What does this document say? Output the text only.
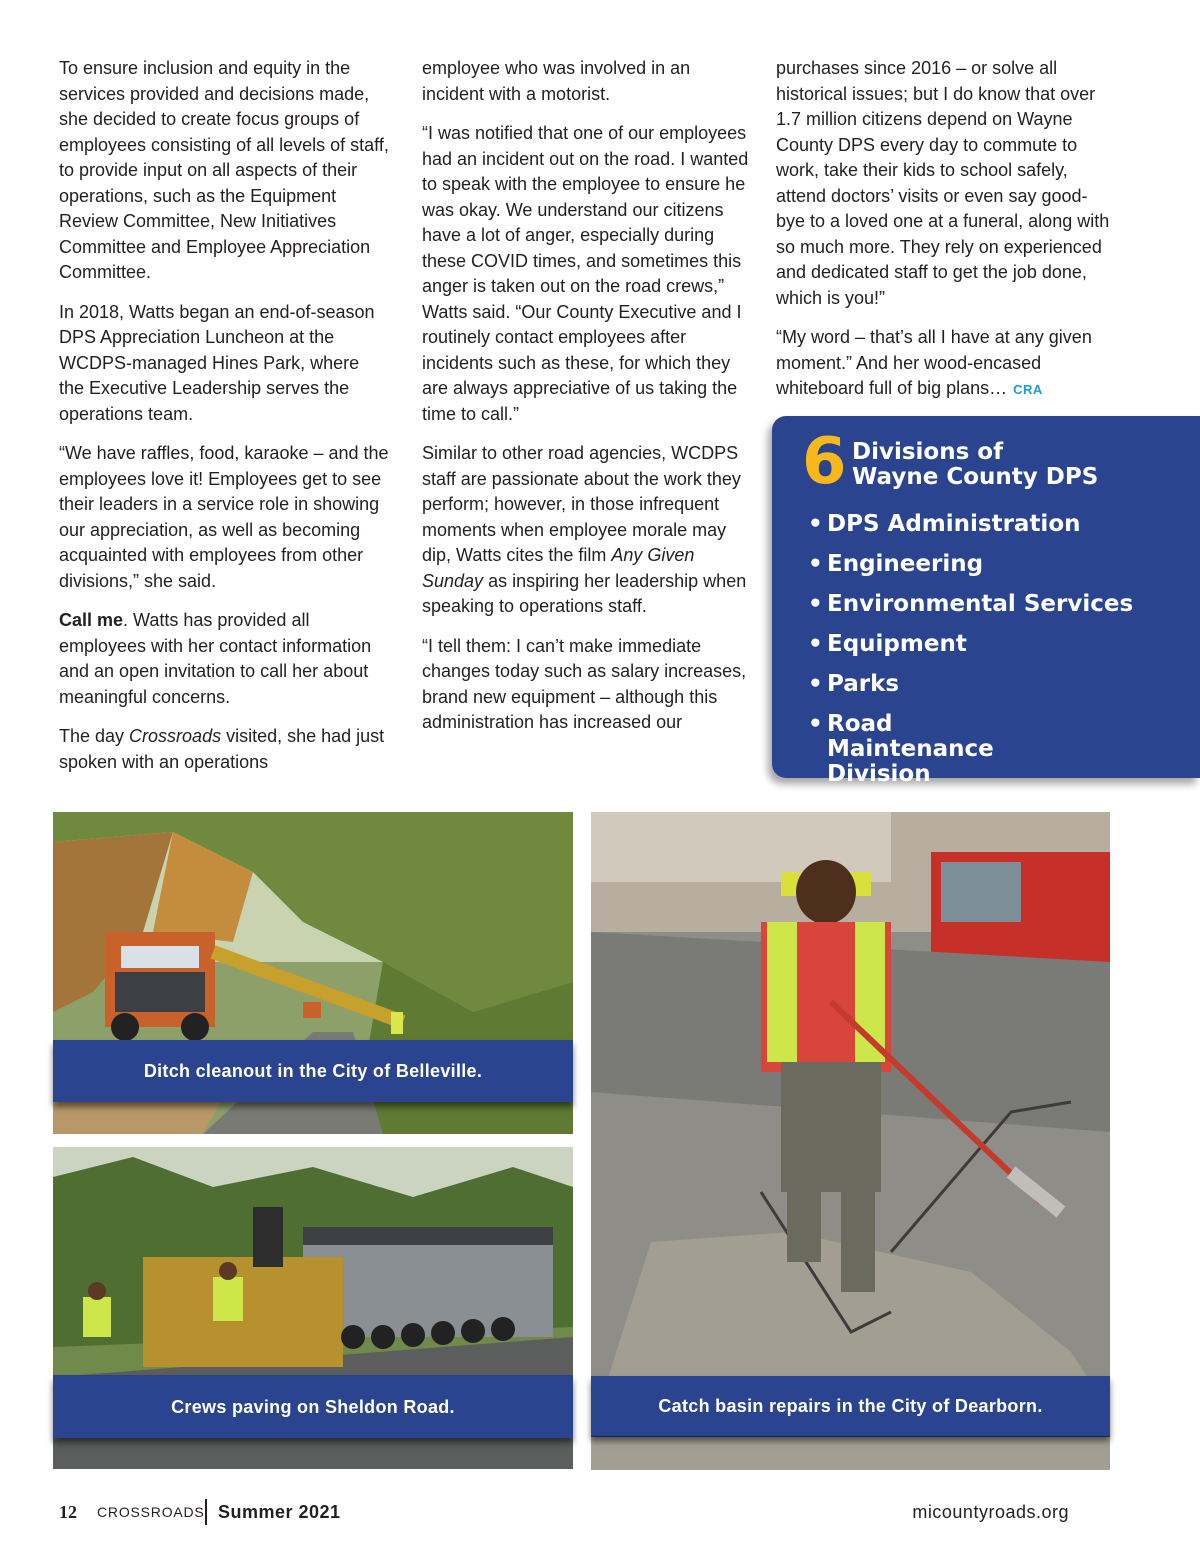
To ensure inclusion and equity in the services provided and decisions made, she decided to create focus groups of employees consisting of all levels of staff, to provide input on all aspects of their operations, such as the Equipment Review Committee, New Initiatives Committee and Employee Appreciation Committee.

In 2018, Watts began an end-of-season DPS Appreciation Luncheon at the WCDPS-managed Hines Park, where the Executive Leadership serves the operations team.

“We have raffles, food, karaoke – and the employees love it! Employees get to see their leaders in a service role in showing our appreciation, as well as becoming acquainted with employees from other divisions,” she said.

Call me. Watts has provided all employees with her contact information and an open invitation to call her about meaningful concerns.

The day Crossroads visited, she had just spoken with an operations

employee who was involved in an incident with a motorist.

“I was notified that one of our employees had an incident out on the road. I wanted to speak with the employee to ensure he was okay. We understand our citizens have a lot of anger, especially during these COVID times, and sometimes this anger is taken out on the road crews,” Watts said. “Our County Executive and I routinely contact employees after incidents such as these, for which they are always appreciative of us taking the time to call.”

Similar to other road agencies, WCDPS staff are passionate about the work they perform; however, in those infrequent moments when employee morale may dip, Watts cites the film Any Given Sunday as inspiring her leadership when speaking to operations staff.

“I tell them: I can’t make immediate changes today such as salary increases, brand new equipment – although this administration has increased our

purchases since 2016 – or solve all historical issues; but I do know that over 1.7 million citizens depend on Wayne County DPS every day to commute to work, take their kids to school safely, attend doctors’ visits or even say good-bye to a loved one at a funeral, along with so much more. They rely on experienced and dedicated staff to get the job done, which is you!”

“My word – that’s all I have at any given moment.” And her wood-encased whiteboard full of big plans… CRA

6 Divisions of
Wayne County DPS
• DPS Administration
• Engineering
• Environmental Services
• Equipment
• Parks
• Road Maintenance Division
Ditch cleanout in the City of Belleville.
Crews paving on Sheldon Road.	Catch basin repairs in the City of Dearborn.
12 CROSSROADS Summer 2021	micountyroads.org
